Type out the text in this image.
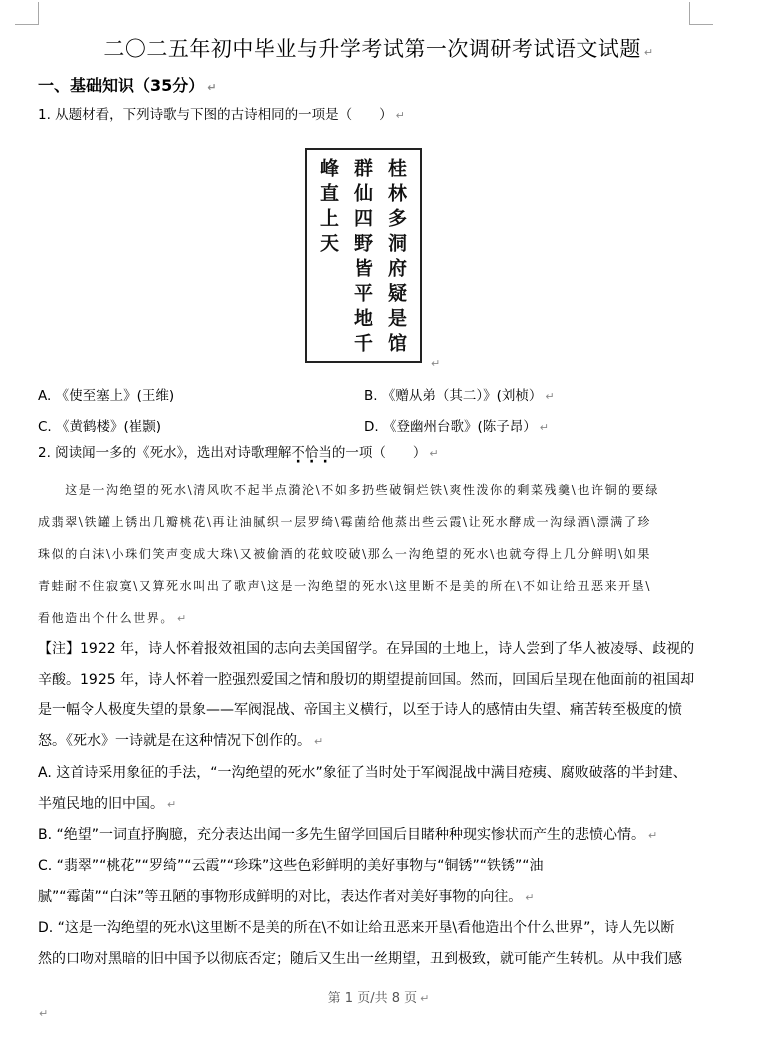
二〇二五年初中毕业与升学考试第一次调研考试语文试题 ↵
一、基础知识（35分） ↵
1. 从题材看，下列诗歌与下图的古诗相同的一项是（　　） ↵
桂林多洞府疑是馆
群仙四野皆平地千
峰直上天
↵
A. 《使至塞上》(王维)	B. 《赠从弟（其二）》(刘桢） ↵
C. 《黄鹤楼》(崔颢)	D. 《登幽州台歌》(陈子昂） ↵
2. 阅读闻一多的《死水》，选出对诗歌理解不恰当的一项（　　） ↵
　　这是一沟绝望的死水\清风吹不起半点漪沦\不如多扔些破铜烂铁\爽性泼你的剩菜残羹\也许铜的要绿
成翡翠\铁罐上锈出几瓣桃花\再让油腻织一层罗绮\霉菌给他蒸出些云霞\让死水酵成一沟绿酒\漂满了珍
珠似的白沫\小珠们笑声变成大珠\又被偷酒的花蚊咬破\那么一沟绝望的死水\也就夸得上几分鲜明\如果
青蛙耐不住寂寞\又算死水叫出了歌声\这是一沟绝望的死水\这里断不是美的所在\不如让给丑恶来开垦\
看他造出个什么世界。 ↵
【注】1922 年，诗人怀着报效祖国的志向去美国留学。在异国的土地上，诗人尝到了华人被凌辱、歧视的
辛酸。1925 年，诗人怀着一腔强烈爱国之情和殷切的期望提前回国。然而，回国后呈现在他面前的祖国却
是一幅令人极度失望的景象——军阀混战、帝国主义横行，以至于诗人的感情由失望、痛苦转至极度的愤
怒。《死水》一诗就是在这种情况下创作的。 ↵
A. 这首诗采用象征的手法，“一沟绝望的死水”象征了当时处于军阀混战中满目疮痍、腐败破落的半封建、
半殖民地的旧中国。 ↵
B. “绝望”一词直抒胸臆，充分表达出闻一多先生留学回国后目睹种种现实惨状而产生的悲愤心情。 ↵
C. “翡翠”“桃花”“罗绮”“云霞”“珍珠”这些色彩鲜明的美好事物与“铜锈”“铁锈”“油
腻”“霉菌”“白沫”等丑陋的事物形成鲜明的对比，表达作者对美好事物的向往。 ↵
D. “这是一沟绝望的死水\这里断不是美的所在\不如让给丑恶来开垦\看他造出个什么世界”，诗人先以断
然的口吻对黑暗的旧中国予以彻底否定；随后又生出一丝期望，丑到极致，就可能产生转机。从中我们感
第 1 页/共 8 页 ↵
↵
